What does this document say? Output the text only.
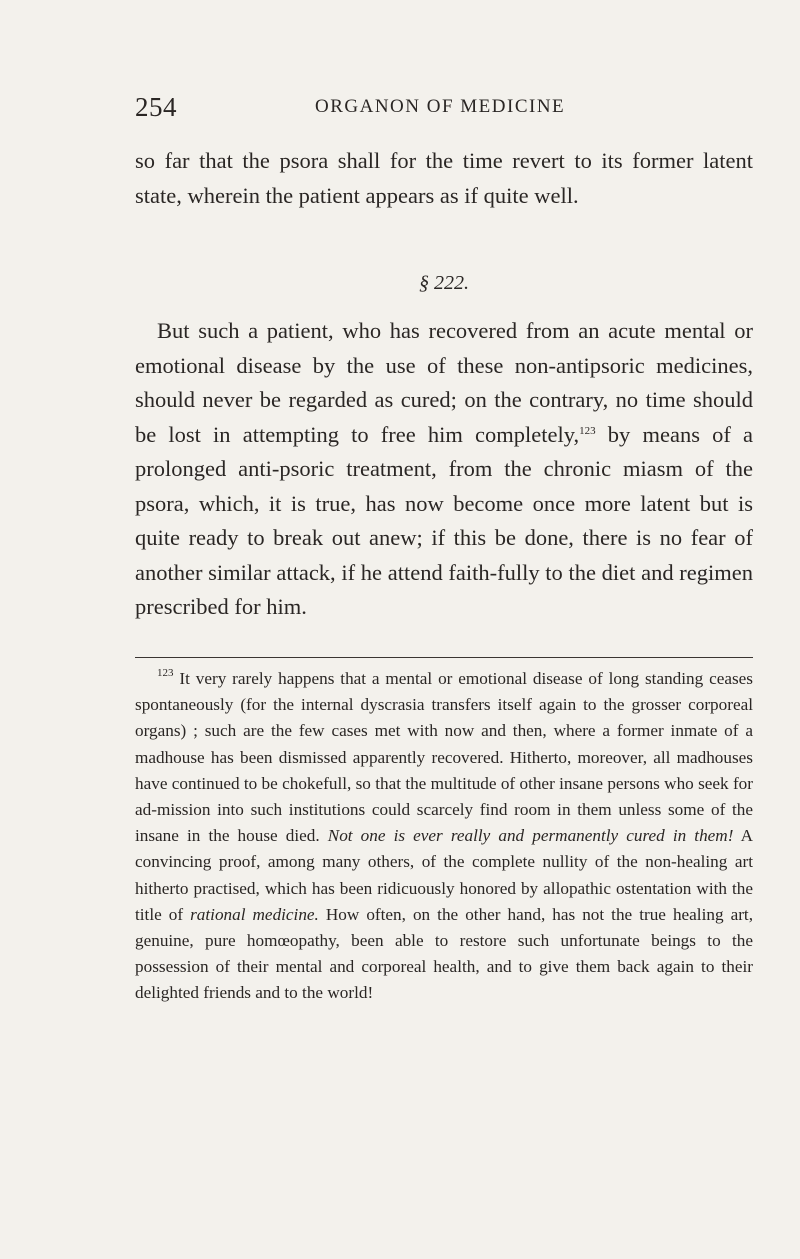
254	ORGANON OF MEDICINE

so far that the psora shall for the time revert to its former latent state, wherein the patient appears as if quite well.

§ 222.

But such a patient, who has recovered from an acute mental or emotional disease by the use of these non-antipsoric medicines, should never be regarded as cured; on the contrary, no time should be lost in attempting to free him completely,$^{123}$ by means of a prolonged anti-psoric treatment, from the chronic miasm of the psora, which, it is true, has now become once more latent but is quite ready to break out anew; if this be done, there is no fear of another similar attack, if he attend faith-fully to the diet and regimen prescribed for him.

$^{123}$ It very rarely happens that a mental or emotional disease of long standing ceases spontaneously (for the internal dyscrasia transfers itself again to the grosser corporeal organs) ; such are the few cases met with now and then, where a former inmate of a madhouse has been dismissed apparently recovered. Hitherto, moreover, all madhouses have continued to be chokefull, so that the multitude of other insane persons who seek for ad-mission into such institutions could scarcely find room in them unless some of the insane in the house died. Not one is ever really and permanently cured in them! A convincing proof, among many others, of the complete nullity of the non-healing art hitherto practised, which has been ridicuously honored by allopathic ostentation with the title of rational medicine. How often, on the other hand, has not the true healing art, genuine, pure homœopathy, been able to restore such unfortunate beings to the possession of their mental and corporeal health, and to give them back again to their delighted friends and to the world!
